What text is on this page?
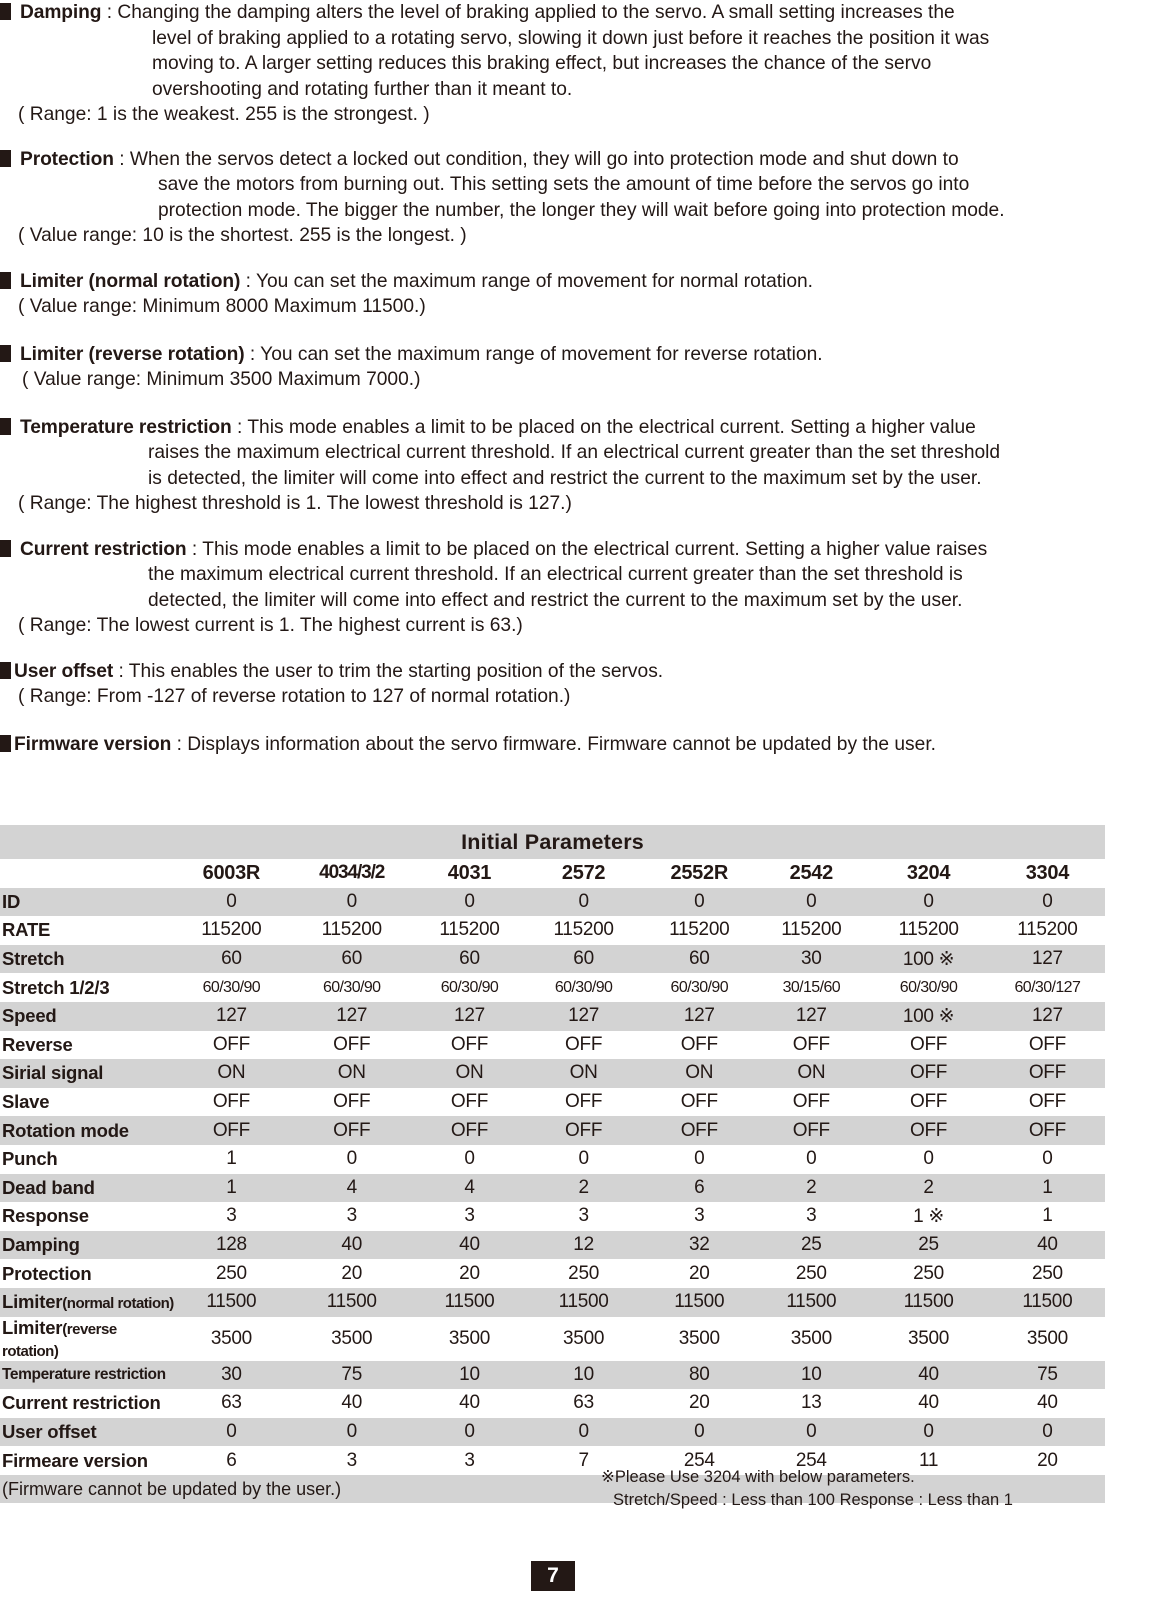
Damping : Changing the damping alters the level of braking applied to the servo. A small setting increases the
level of braking applied to a rotating servo, slowing it down just before it reaches the position it was
moving to. A larger setting reduces this braking effect, but increases the chance of the servo
overshooting and rotating further than it meant to.
( Range: 1 is the weakest. 255 is the strongest. )
Protection : When the servos detect a locked out condition, they will go into protection mode and shut down to
save the motors from burning out. This setting sets the amount of time before the servos go into
protection mode. The bigger the number, the longer they will wait before going into protection mode.
( Value range: 10 is the shortest. 255 is the longest. )
Limiter (normal rotation) : You can set the maximum range of movement for normal rotation.
( Value range: Minimum 8000 Maximum 11500.)
Limiter (reverse rotation) : You can set the maximum range of movement for reverse rotation.
( Value range: Minimum 3500 Maximum 7000.)
Temperature restriction : This mode enables a limit to be placed on the electrical current. Setting a higher value
raises the maximum electrical current threshold. If an electrical current greater than the set threshold
is detected, the limiter will come into effect and restrict the current to the maximum set by the user.
( Range: The highest threshold is 1. The lowest threshold is 127.)
Current restriction : This mode enables a limit to be placed on the electrical current. Setting a higher value raises
the maximum electrical current threshold. If an electrical current greater than the set threshold is
detected, the limiter will come into effect and restrict the current to the maximum set by the user.
( Range: The lowest current is 1. The highest current is 63.)
User offset : This enables the user to trim the starting position of the servos.
( Range: From -127 of reverse rotation to 127 of normal rotation.)
Firmware version : Displays information about the servo firmware. Firmware cannot be updated by the user.
Initial Parameters								
	6003R	4034/3/2	4031	2572	2552R	2542	3204	3304
ID	0	0	0	0	0	0	0	0
RATE	115200	115200	115200	115200	115200	115200	115200	115200
Stretch	60	60	60	60	60	30	100 ※	127
Stretch 1/2/3	60/30/90	60/30/90	60/30/90	60/30/90	60/30/90	30/15/60	60/30/90	60/30/127
Speed	127	127	127	127	127	127	100 ※	127
Reverse	OFF	OFF	OFF	OFF	OFF	OFF	OFF	OFF
Sirial signal	ON	ON	ON	ON	ON	ON	OFF	OFF
Slave	OFF	OFF	OFF	OFF	OFF	OFF	OFF	OFF
Rotation mode	OFF	OFF	OFF	OFF	OFF	OFF	OFF	OFF
Punch	1	0	0	0	0	0	0	0
Dead band	1	4	4	2	6	2	2	1
Response	3	3	3	3	3	3	1 ※	1
Damping	128	40	40	12	32	25	25	40
Protection	250	20	20	250	20	250	250	250
Limiter(normal rotation)	11500	11500	11500	11500	11500	11500	11500	11500
Limiter(reverse rotation)	3500	3500	3500	3500	3500	3500	3500	3500
Temperature restriction	30	75	10	10	80	10	40	75
Current restriction	63	40	40	63	20	13	40	40
User offset	0	0	0	0	0	0	0	0
Firmeare version	6	3	3	7	254	254	11	20
(Firmware cannot be updated by the user.)								
※Please Use 3204 with below parameters.
Stretch/Speed : Less than 100 Response : Less than 1
7
